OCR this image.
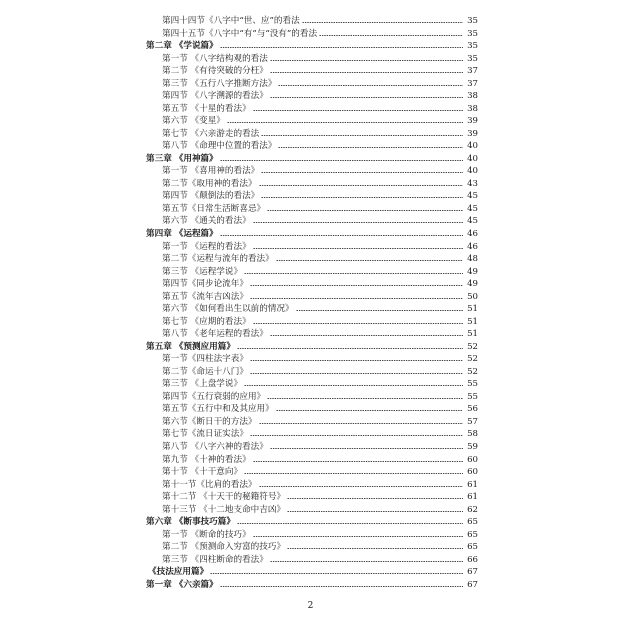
第四十四节《八字中“世、应”的看法	35
第四十五节《八字中“有”与“没有”的看法	35
第二章 《学说篇》	35
第一节 《八字结构观的看法	35
第二节 《有待突破的分枉》	37
第三节 《五行八字推断方法》	37
第四节 《八字溯源的看法》	38
第五节 《十星的看法》	38
第六节 《变星》	39
第七节 《六亲游走的看法	39
第八节 《命理中位置的看法》	40
第三章 《用神篇》	40
第一节 《喜用神的看法》	40
第二节《取用神的看法》	43
第四节 《颠倒法的看法》	45
第五节《日常生活断喜忌》	45
第六节 《通关的看法》	45
第四章 《运程篇》	46
第一节 《运程的看法》	46
第二节《运程与流年的看法》	48
第三节 《运程学说》	49
第四节《同步论流年》	49
第五节《流年吉凶法》	50
第六节 《如何看出生以前的情况》	51
第七节 《应期的看法》	51
第八节 《老年运程的看法》	51
第五章 《预测应用篇》	52
第一节《四柱法字表》	52
第二节《命运十八门》	52
第三节 《上盘学说》	55
第四节《五行衰弱的应用》	55
第五节《五行中和及其应用》	56
第六节《断日干的方法》	57
第七节《流日证实法》	58
第八节 《八字六神的看法》	59
第九节 《十神的看法》	60
第十节 《十干意向》	60
第十一节《比肩的看法》	61
第十二节 《十天干的秘籍符号》	61
第十三节 《十二地支命中吉凶》	62
第六章 《断事技巧篇》	65
第一节 《断命的技巧》	65
第二节 《预测命入穷富的技巧》	65
第三节 《四柱断命的看法》	66
《技法应用篇》	67
第一章 《六亲篇》	67
2
